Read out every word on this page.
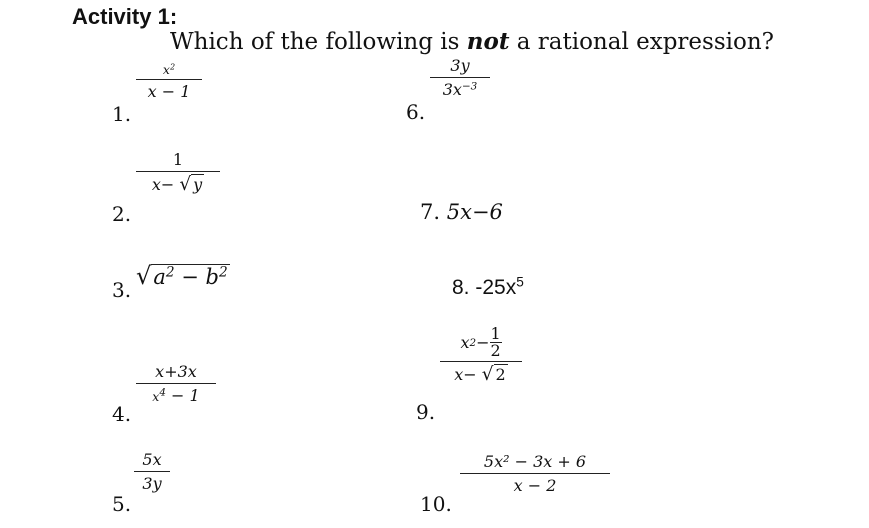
Activity 1:
Which of the following is not a rational expression?
1.
$x^2$
x − 1
2.
1
x− √ y
3. $√a^2 - b^2$
4.
x+3x
$x^4 - 1$
5.
5x
3y
6.
3y
$3x^{-3}$
7. 5x−6
8. $-25x^5$
9.
x 2 − 1
2
x− √ 2
10.
5x² − 3x + 6
x − 2
